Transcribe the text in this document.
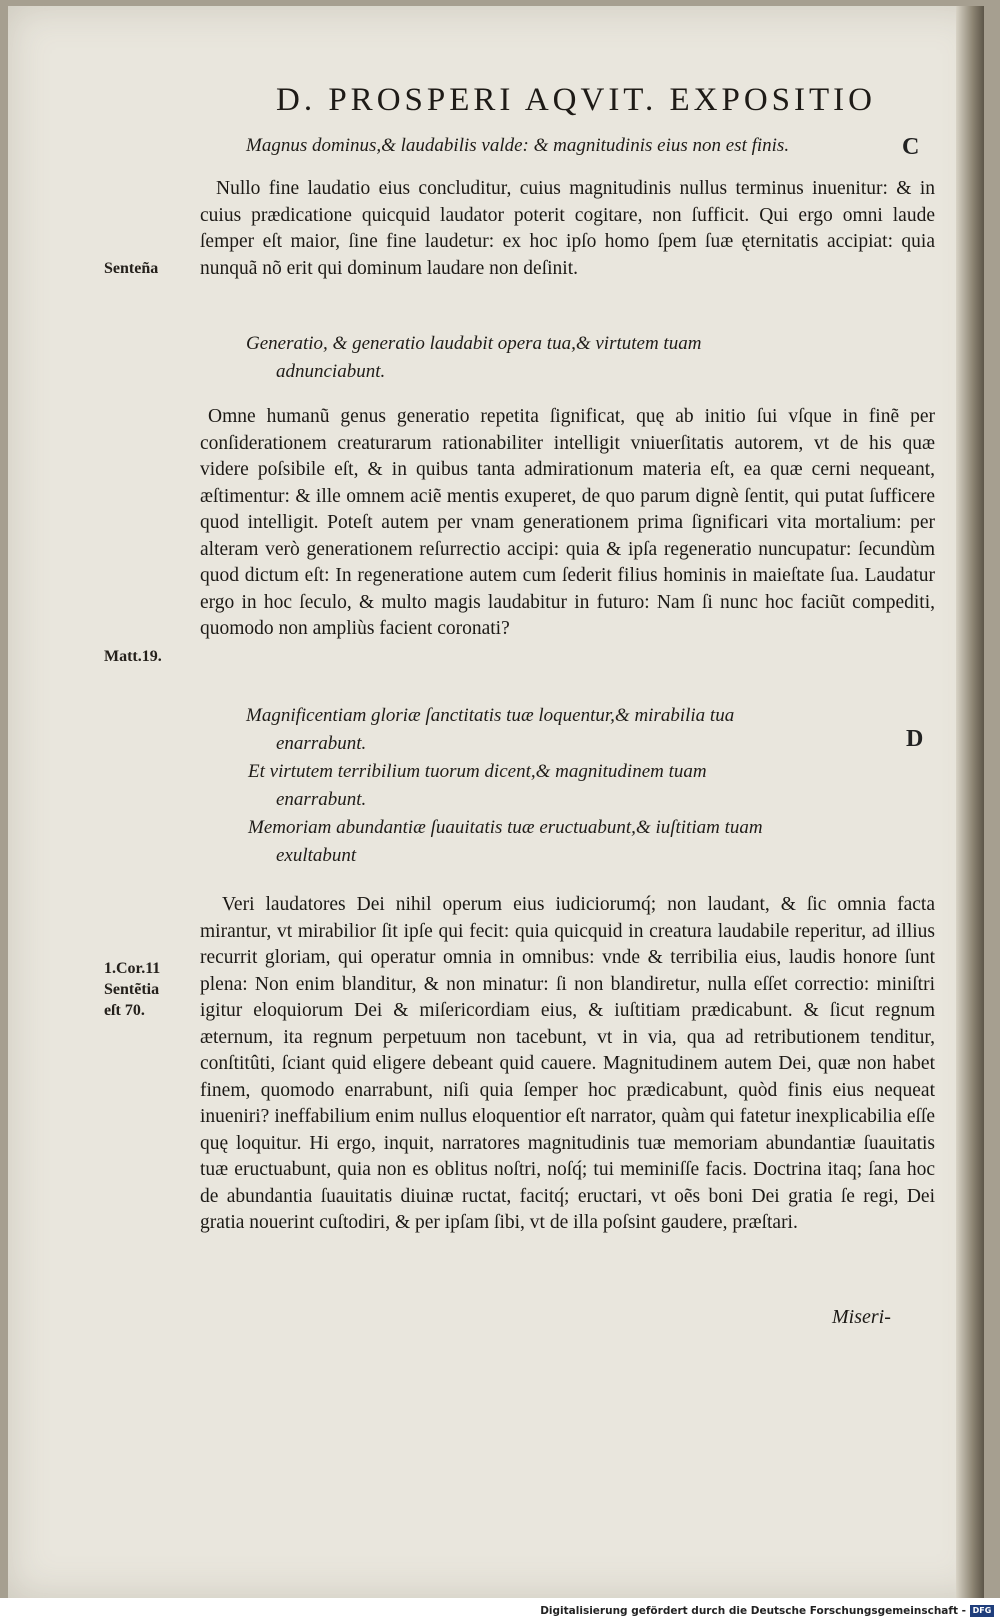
D. PROSPERI AQVIT. EXPOSITIO
C
D
Magnus dominus,& laudabilis valde: & magnitudinis eius non est finis.
Nullo fine laudatio eius concluditur, cuius magnitudinis nullus terminus inuenitur: & in cuius prædicatione quicquid laudator poterit cogitare, non ſufficit. Qui ergo omni laude ſemper eſt maior, ſine fine laudetur: ex hoc ipſo homo ſpem ſuæ ęternitatis accipiat: quia nunquã nõ erit qui dominum laudare non deſinit.
Generatio, & generatio laudabit opera tua,& virtutem tuam
adnunciabunt.
Omne humanũ genus generatio repetita ſignificat, quę ab initio ſui vſque in finẽ per conſiderationem creaturarum rationabiliter intelligit vniuerſitatis autorem, vt de his quæ videre poſsibile eſt, & in quibus tanta admirationum materia eſt, ea quæ cerni nequeant, æſtimentur: & ille omnem aciẽ mentis exuperet, de quo parum dignè ſentit, qui putat ſufficere quod intelligit. Poteſt autem per vnam generationem prima ſignificari vita mortalium: per alteram verò generationem reſurrectio accipi: quia & ipſa regeneratio nuncupatur: ſecundùm quod dictum eſt: In regeneratione autem cum ſederit filius hominis in maieſtate ſua. Laudatur ergo in hoc ſeculo, & multo magis laudabitur in futuro: Nam ſi nunc hoc faciũt compediti, quomodo non ampliùs facient coronati?
Magnificentiam gloriæ ſanctitatis tuæ loquentur,& mirabilia tua
enarrabunt.
Et virtutem terribilium tuorum dicent,& magnitudinem tuam
enarrabunt.
Memoriam abundantiæ ſuauitatis tuæ eructuabunt,& iuſtitiam tuam
exultabunt
Veri laudatores Dei nihil operum eius iudiciorumq́; non laudant, & ſic omnia facta mirantur, vt mirabilior ſit ipſe qui fecit: quia quicquid in creatura laudabile reperitur, ad illius recurrit gloriam, qui operatur omnia in omnibus: vnde & terribilia eius, laudis honore ſunt plena: Non enim blanditur, & non minatur: ſi non blandiretur, nulla eſſet correctio: miniſtri igitur eloquiorum Dei & miſericordiam eius, & iuſtitiam prædicabunt. & ſicut regnum æternum, ita regnum perpetuum non tacebunt, vt in via, qua ad retributionem tenditur, conſtitûti, ſciant quid eligere debeant quid cauere. Magnitudinem autem Dei, quæ non habet finem, quomodo enarrabunt, niſi quia ſemper hoc prædicabunt, quòd finis eius nequeat inueniri? ineffabilium enim nullus eloquentior eſt narrator, quàm qui fatetur inexplicabilia eſſe quę loquitur. Hi ergo, inquit, narratores magnitudinis tuæ memoriam abundantiæ ſuauitatis tuæ eructuabunt, quia non es oblitus noſtri, noſq́; tui meminiſſe facis. Doctrina itaq; ſana hoc de abundantia ſuauitatis diuinæ ructat, facitq́; eructari, vt oẽs boni Dei gratia ſe regi, Dei gratia nouerint cuſtodiri, & per ipſam ſibi, vt de illa poſsint gaudere, præſtari.
Senteña
Matt.19.
1.Cor.11
Sentẽtia
eſt 70.
Miseri-
Digitalisierung gefördert durch die Deutsche Forschungsgemeinschaft - DFG
